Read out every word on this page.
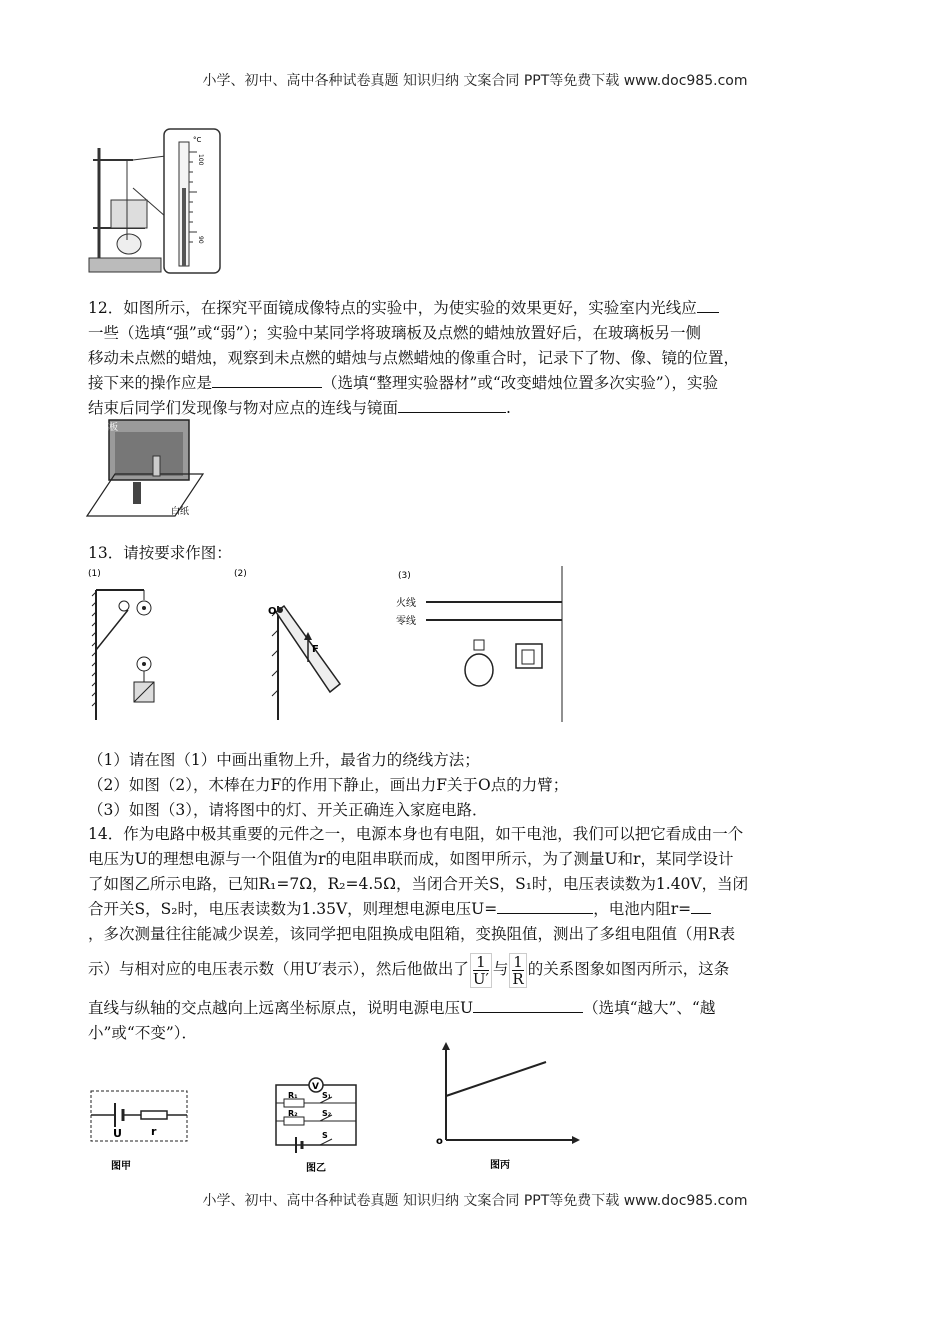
小学、初中、高中各种试卷真题 知识归纳 文案合同 PPT等免费下载 www.doc985.com
°C
100
90

12．如图所示，在探究平面镜成像特点的实验中，为使实验的效果更好，实验室内光线应

一些（选填“强”或“弱”）；实验中某同学将玻璃板及点燃的蜡烛放置好后，在玻璃板另一侧

移动未点燃的蜡烛，观察到未点燃的蜡烛与点燃蜡烛的像重合时，记录下了物、像、镜的位置，

接下来的操作应是	（选填“整理实验器材”或“改变蜡烛位置多次实验”），实验

结束后同学们发现像与物对应点的连线与镜面	.

玻璃板
白纸

13．请按要求作图：

(1)	(2)
O
F
(3)
火线
零线

（1）请在图（1）中画出重物上升，最省力的绕线方法；

（2）如图（2），木棒在力F的作用下静止，画出力F关于O点的力臂；

（3）如图（3），请将图中的灯、开关正确连入家庭电路．

14．作为电路中极其重要的元件之一，电源本身也有电阻，如干电池，我们可以把它看成由一个

电压为U的理想电源与一个阻值为r的电阻串联而成，如图甲所示，为了测量U和r，某同学设计

了如图乙所示电路，已知R₁=7Ω，R₂=4.5Ω，当闭合开关S，S₁时，电压表读数为1.40V，当闭

合开关S，S₂时，电压表读数为1.35V，则理想电源电压U=	，电池内阻r=

，多次测量往往能减少误差，该同学把电阻换成电阻箱，变换阻值，测出了多组电阻值（用R表

示）与相对应的电压表示数（用U′表示），然后他做出了 $\frac{1}{U'}$ 与 $\frac{1}{R}$ 的关系图象如图丙所示，这条

直线与纵轴的交点越向上远离坐标原点，说明电源电压U	（选填“越大”、“越

小”或“不变”）．

U	r
图甲
V
R₁	S₁
R₂	S₂
S
图乙
o
图丙
小学、初中、高中各种试卷真题 知识归纳 文案合同 PPT等免费下载 www.doc985.com
